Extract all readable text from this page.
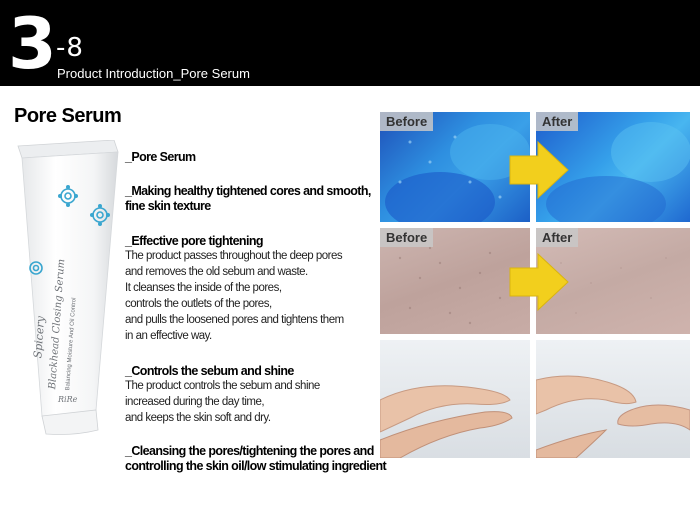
3 -8
Product Introduction_Pore Serum
Pore Serum
Spicery Blackhead Closing Serum
Balancing Moisture And Oil Control
RiRe

_ Pore Serum

_ Making healthy tightened cores and smooth, fine skin texture

_ Effective pore tightening

The product passes throughout the deep pores

and removes the old sebum and waste.

It cleanses the inside of the pores,

controls the outlets of the pores,

and pulls the loosened pores and tightens them

in an effective way.

_ Controls the sebum and shine

The product controls the sebum and shine

increased during the day time,

and keeps the skin soft and dry.

_ Cleansing the pores/tightening the pores and controlling the skin oil/low stimulating ingredient

Before	After
Before	After
